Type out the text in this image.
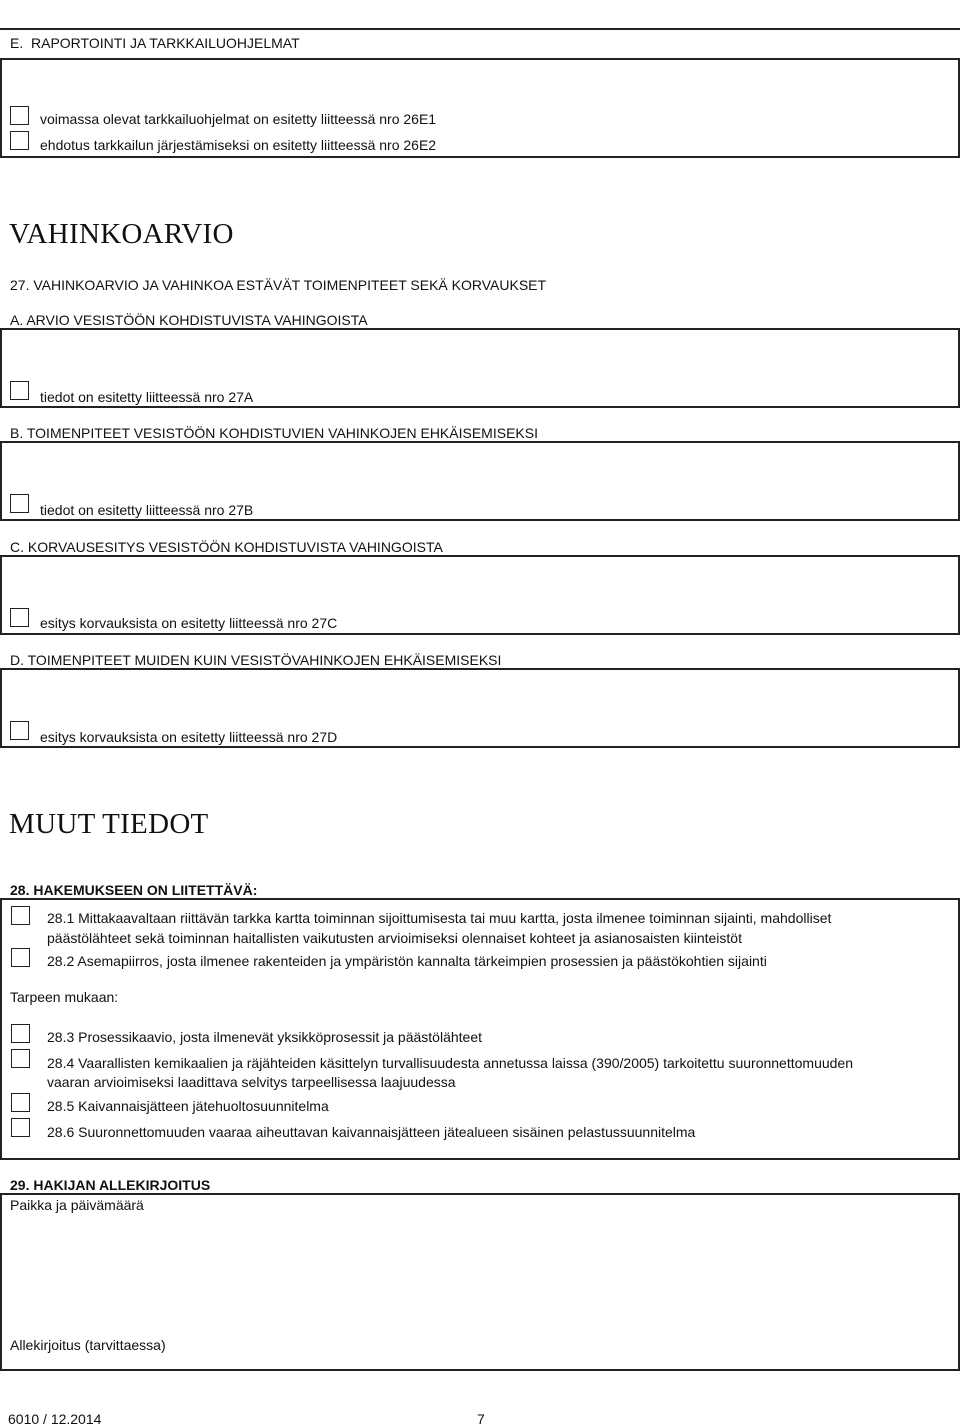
E.  RAPORTOINTI JA TARKKAILUOHJELMAT
voimassa olevat tarkkailuohjelmat on esitetty liitteessä nro 26E1
ehdotus tarkkailun järjestämiseksi on esitetty liitteessä nro 26E2
VAHINKOARVIO
27. VAHINKOARVIO JA VAHINKOA ESTÄVÄT TOIMENPITEET SEKÄ KORVAUKSET
A. ARVIO VESISTÖÖN KOHDISTUVISTA VAHINGOISTA
tiedot on esitetty liitteessä nro 27A
B. TOIMENPITEET VESISTÖÖN KOHDISTUVIEN VAHINKOJEN EHKÄISEMISEKSI
tiedot on esitetty liitteessä nro 27B
C. KORVAUSESITYS VESISTÖÖN KOHDISTUVISTA VAHINGOISTA
esitys korvauksista on esitetty liitteessä nro 27C
D. TOIMENPITEET MUIDEN KUIN VESISTÖVAHINKOJEN EHKÄISEMISEKSI
esitys korvauksista on esitetty liitteessä nro 27D
MUUT TIEDOT
28. HAKEMUKSEEN ON LIITETTÄVÄ:
28.1 Mittakaavaltaan riittävän tarkka kartta toiminnan sijoittumisesta tai muu kartta, josta ilmenee toiminnan sijainti, mahdolliset
päästölähteet sekä toiminnan haitallisten vaikutusten arvioimiseksi olennaiset kohteet ja asianosaisten kiinteistöt
28.2 Asemapiirros, josta ilmenee rakenteiden ja ympäristön kannalta tärkeimpien prosessien ja päästökohtien sijainti
Tarpeen mukaan:
28.3 Prosessikaavio, josta ilmenevät yksikköprosessit ja päästölähteet
28.4 Vaarallisten kemikaalien ja räjähteiden käsittelyn turvallisuudesta annetussa laissa (390/2005) tarkoitettu suuronnettomuuden
vaaran arvioimiseksi laadittava selvitys tarpeellisessa laajuudessa
28.5 Kaivannaisjätteen jätehuoltosuunnitelma
28.6 Suuronnettomuuden vaaraa aiheuttavan kaivannaisjätteen jätealueen sisäinen pelastussuunnitelma
29. HAKIJAN ALLEKIRJOITUS
Paikka ja päivämäärä
Allekirjoitus (tarvittaessa)
6010 / 12.2014	7
